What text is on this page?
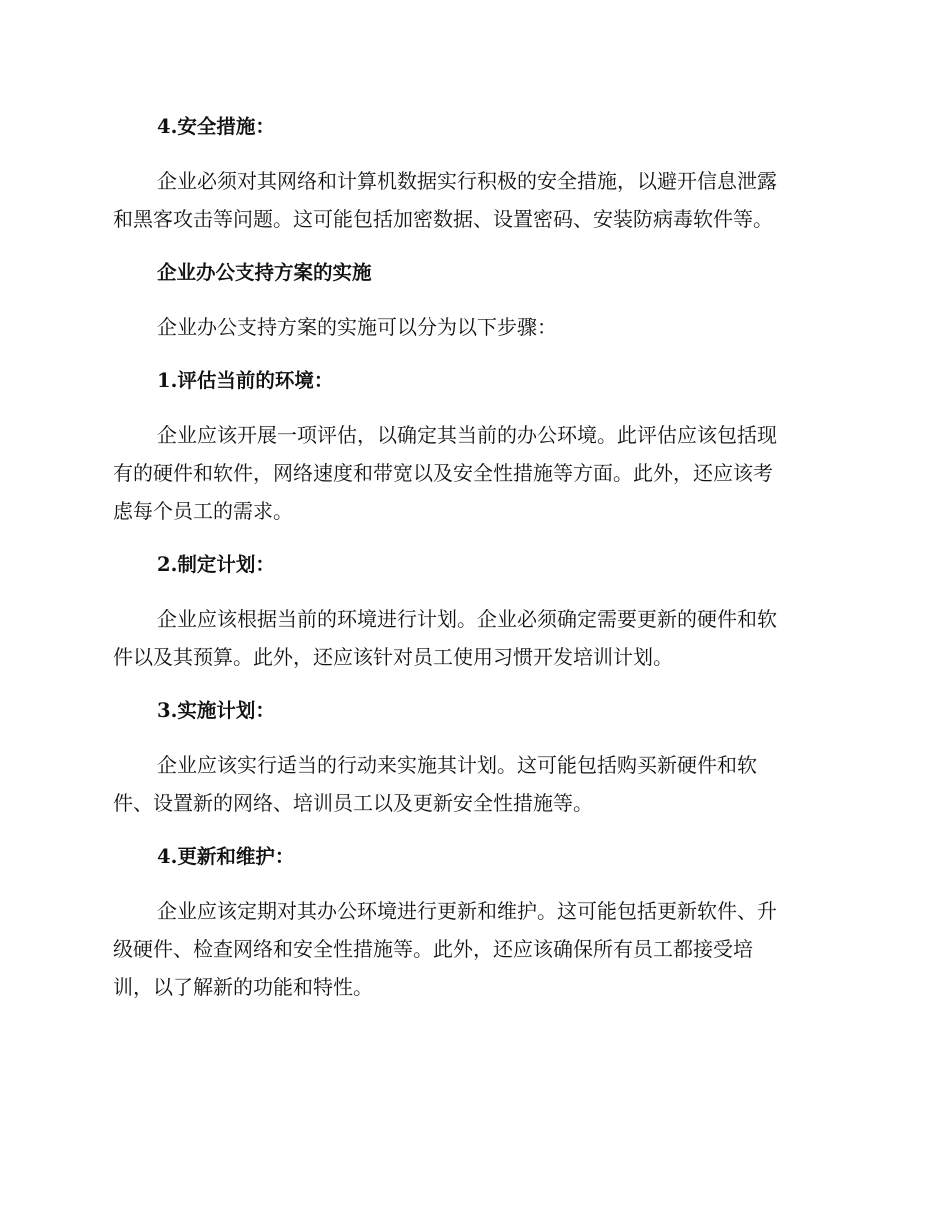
4.安全措施：

企业必须对其网络和计算机数据实行积极的安全措施，以避开信息泄露
和黑客攻击等问题。这可能包括加密数据、设置密码、安装防病毒软件等。

企业办公支持方案的实施

企业办公支持方案的实施可以分为以下步骤：

1.评估当前的环境：

企业应该开展一项评估，以确定其当前的办公环境。此评估应该包括现
有的硬件和软件，网络速度和带宽以及安全性措施等方面。此外，还应该考
虑每个员工的需求。

2.制定计划：

企业应该根据当前的环境进行计划。企业必须确定需要更新的硬件和软
件以及其预算。此外，还应该针对员工使用习惯开发培训计划。

3.实施计划：

企业应该实行适当的行动来实施其计划。这可能包括购买新硬件和软
件、设置新的网络、培训员工以及更新安全性措施等。

4.更新和维护：

企业应该定期对其办公环境进行更新和维护。这可能包括更新软件、升
级硬件、检查网络和安全性措施等。此外，还应该确保所有员工都接受培
训，以了解新的功能和特性。
